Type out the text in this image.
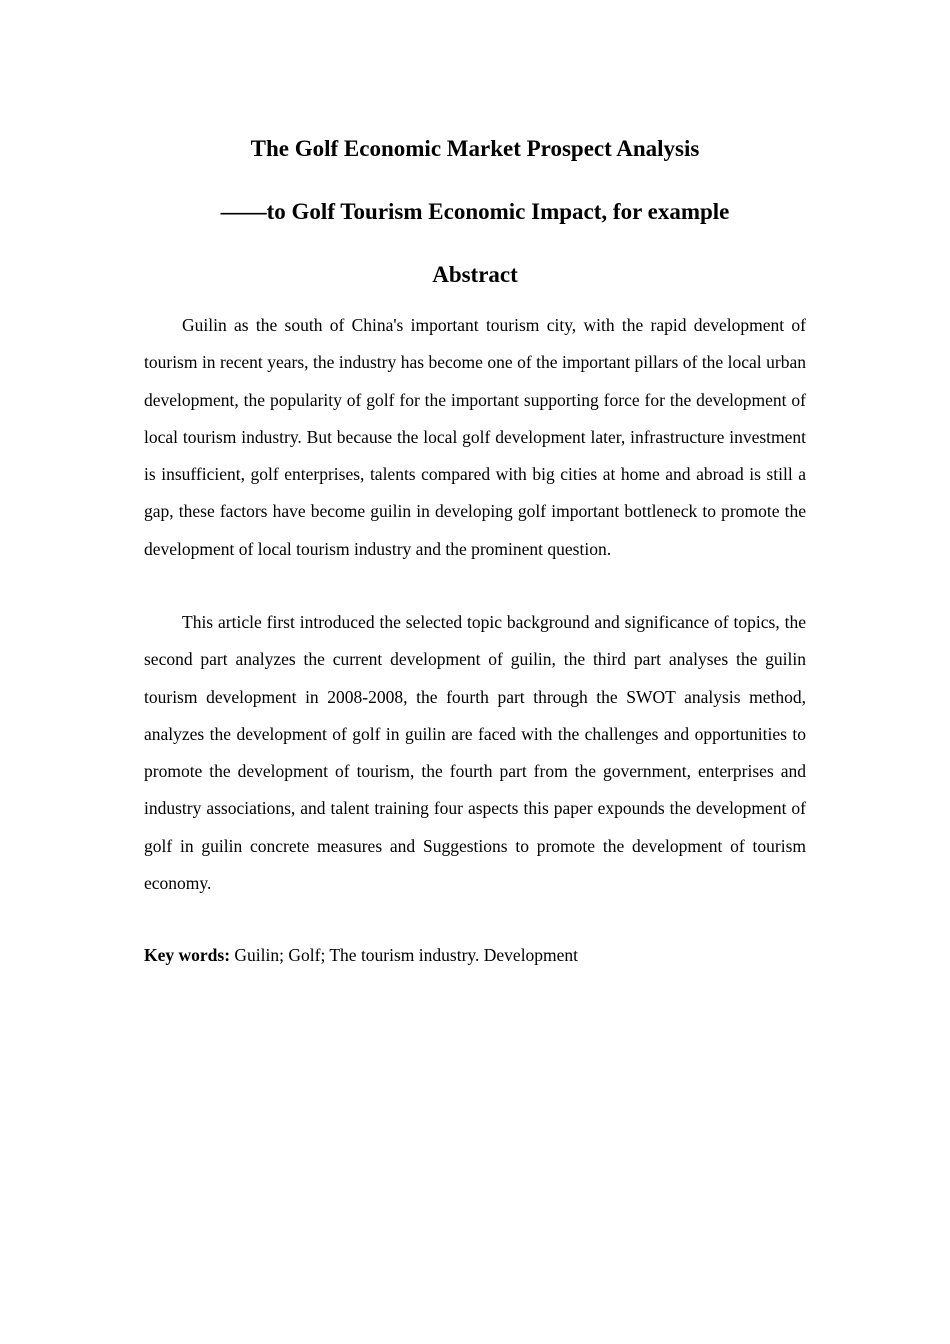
The Golf Economic Market Prospect Analysis
——to Golf Tourism Economic Impact, for example
Abstract

Guilin as the south of China's important tourism city, with the rapid development of tourism in recent years, the industry has become one of the important pillars of the local urban development, the popularity of golf for the important supporting force for the development of local tourism industry. But because the local golf development later, infrastructure investment is insufficient, golf enterprises, talents compared with big cities at home and abroad is still a gap, these factors have become guilin in developing golf important bottleneck to promote the development of local tourism industry and the prominent question.

This article first introduced the selected topic background and significance of topics, the second part analyzes the current development of guilin, the third part analyses the guilin tourism development in 2008-2008, the fourth part through the SWOT analysis method, analyzes the development of golf in guilin are faced with the challenges and opportunities to promote the development of tourism, the fourth part from the government, enterprises and industry associations, and talent training four aspects this paper expounds the development of golf in guilin concrete measures and Suggestions to promote the development of tourism economy.

Key words: Guilin; Golf; The tourism industry. Development
